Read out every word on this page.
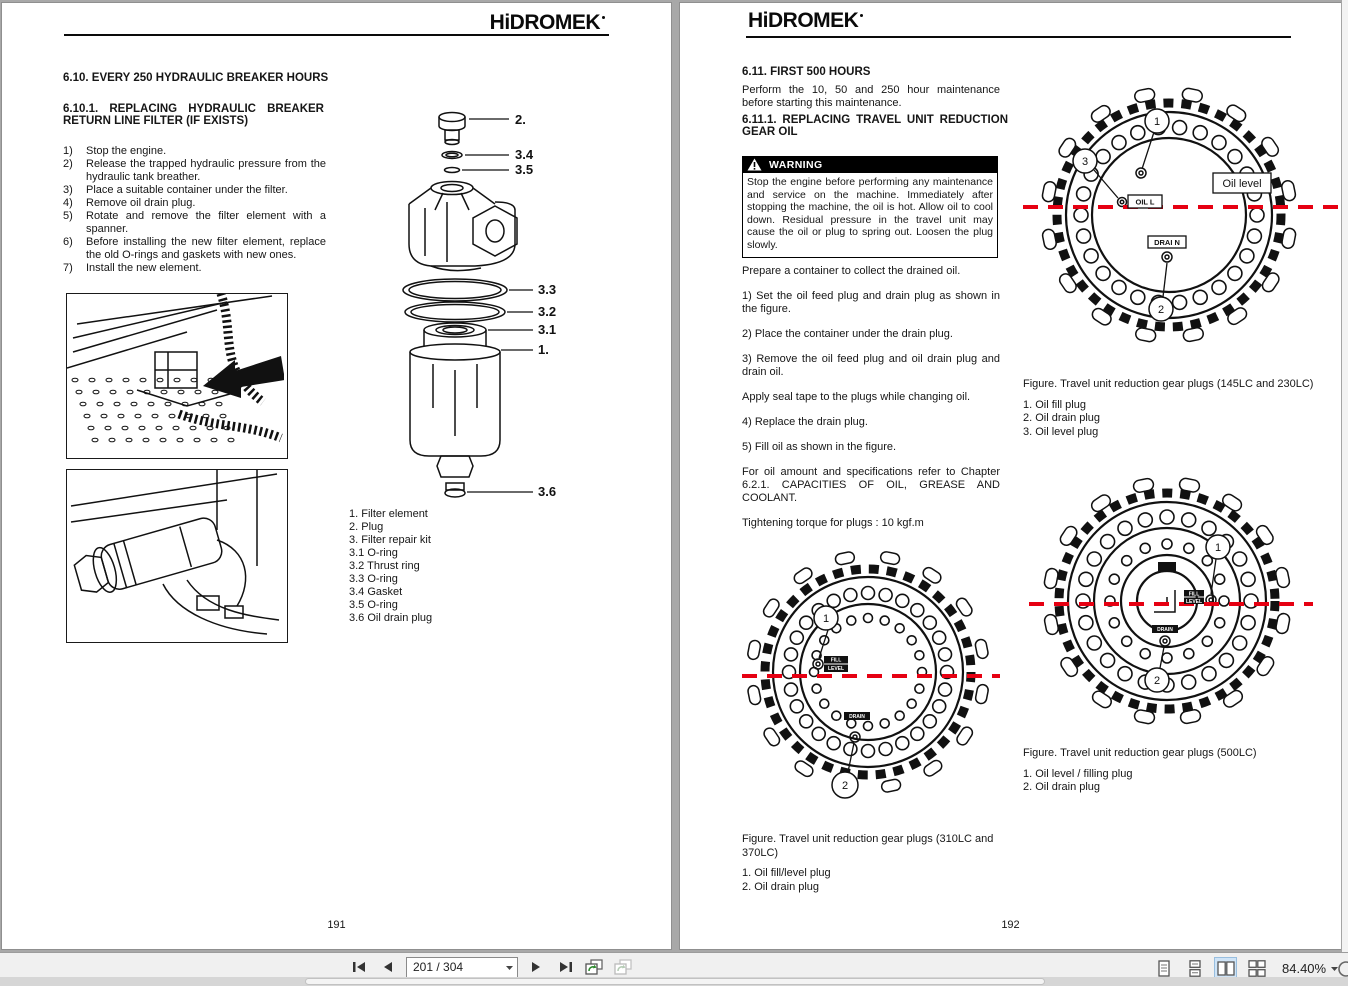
HiDROMEK
6.10. EVERY 250 HYDRAULIC BREAKER HOURS
6.10.1. REPLACING HYDRAULIC BREAKER RETURN LINE FILTER (IF EXISTS)
1)	Stop the engine.
2)	Release the trapped hydraulic pressure from the hydraulic tank breather.
3)	Place a suitable container under the filter.
4)	Remove oil drain plug.
5)	Rotate and remove the filter element with a spanner.
6)	Before installing the new filter element, replace the old O-rings and gaskets with new ones.
7)	Install the new element.
2.
3.4
3.5
3.3
3.2
3.1
1.
3.6
1. Filter element
2. Plug
3. Filter repair kit
3.1 O-ring
3.2 Thrust ring
3.3 O-ring
3.4 Gasket
3.5 O-ring
3.6 Oil drain plug
191
HiDROMEK
6.11. FIRST 500 HOURS
Perform the 10, 50 and 250 hour maintenance before starting this maintenance.
6.11.1. REPLACING TRAVEL UNIT REDUCTION GEAR OIL
WARNING
Stop the engine before performing any maintenance and service on the machine. Immediately after stopping the machine, the oil is hot. Allow oil to cool down. Residual pressure in the travel unit may cause the oil or plug to spring out. Loosen the plug slowly.

Prepare a container to collect the drained oil.

1) Set the oil feed plug and drain plug as shown in the figure.

2) Place the container under the drain plug.

3) Remove the oil feed plug and oil drain plug and drain oil.

Apply seal tape to the plugs while changing oil.

4) Replace the drain plug.

5) Fill oil as shown in the figure.

For oil amount and specifications refer to Chapter 6.2.1. CAPACITIES OF OIL, GREASE AND COOLANT.

Tightening torque for plugs : 10 kgf.m

FILL
LEVEL
DRAIN
1
2
Figure. Travel unit reduction gear plugs (310LC and 370LC)
1. Oil fill/level plug
2. Oil drain plug
Oil level
OIL L
DRAI N
1
3
2
Figure. Travel unit reduction gear plugs (145LC and 230LC)
1. Oil fill plug
2. Oil drain plug
3. Oil level plug
FILL
LEVEL
DRAIN
1
2
Figure. Travel unit reduction gear plugs (500LC)
1. Oil level / filling plug
2. Oil drain plug
192
201 / 304
84.40%
